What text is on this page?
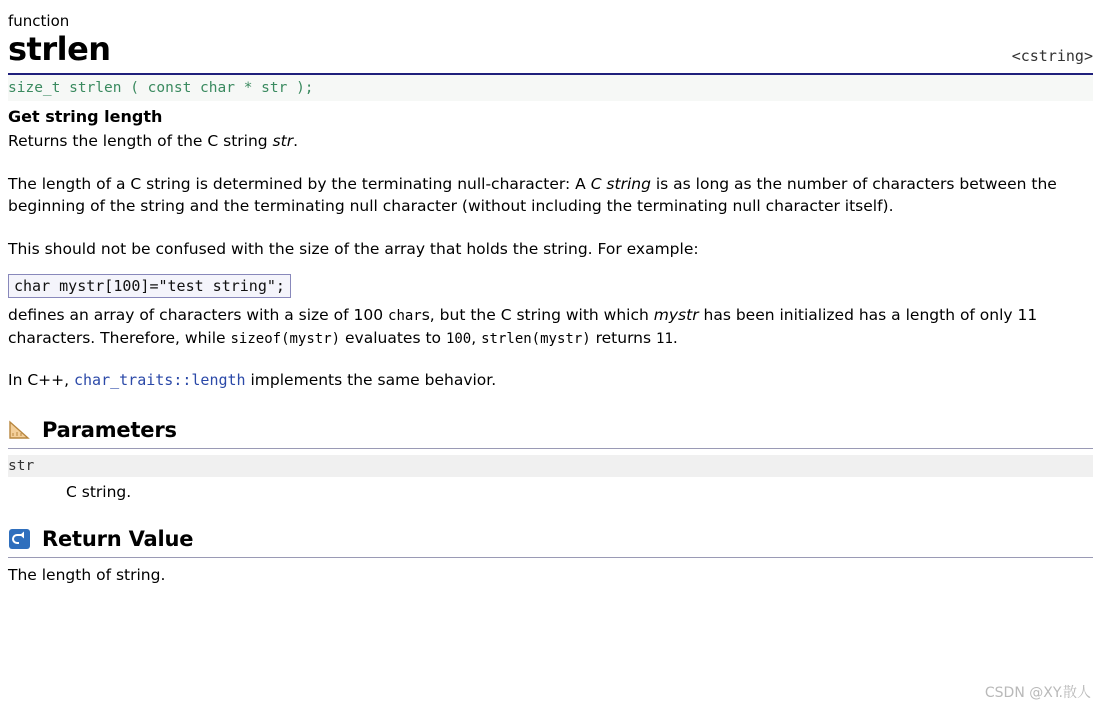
function
strlen	<cstring>
size_t strlen ( const char * str );
Get string length

Returns the length of the C string str.

The length of a C string is determined by the terminating null-character: A C string is as long as the number of characters between the beginning of the string and the terminating null character (without including the terminating null character itself).

This should not be confused with the size of the array that holds the string. For example:

char mystr[100]="test string";

defines an array of characters with a size of 100 chars, but the C string with which mystr has been initialized has a length of only 11 characters. Therefore, while sizeof(mystr) evaluates to 100, strlen(mystr) returns 11.

In C++, char_traits::length implements the same behavior.

Parameters
str
C string.
Return Value
The length of string.
CSDN @XY.散人
